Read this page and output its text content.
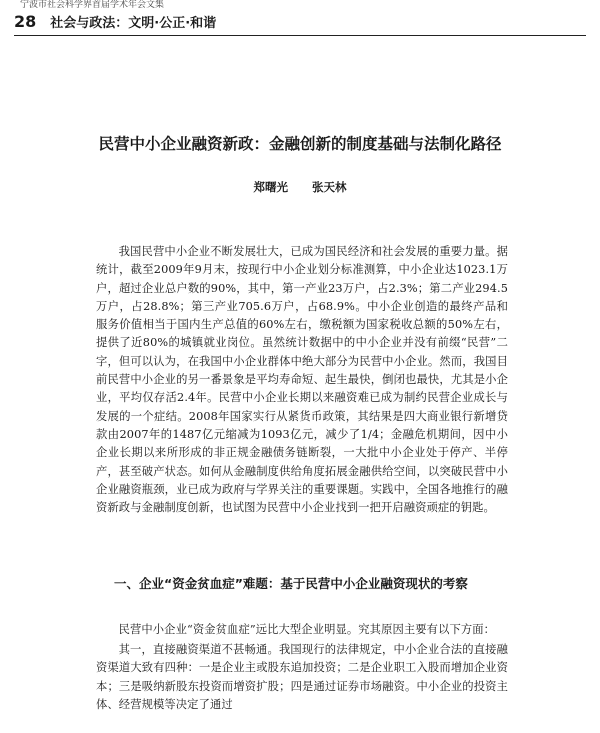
宁波市社会科学界首届学术年会文集
28 社会与政法：文明·公正·和谐
民营中小企业融资新政：金融创新的制度基础与法制化路径
郑曙光 张天林

我国民营中小企业不断发展壮大，已成为国民经济和社会发展的重要力量。据统计，截至2009年9月末，按现行中小企业划分标准测算，中小企业达1023.1万户，超过企业总户数的90%，其中，第一产业23万户，占2.3%；第二产业294.5万户，占28.8%；第三产业705.6万户，占68.9%。中小企业创造的最终产品和服务价值相当于国内生产总值的60%左右，缴税额为国家税收总额的50%左右，提供了近80%的城镇就业岗位。虽然统计数据中的中小企业并没有前缀“民营”二字，但可以认为，在我国中小企业群体中绝大部分为民营中小企业。然而，我国目前民营中小企业的另一番景象是平均寿命短、起生最快，倒闭也最快，尤其是小企业，平均仅存活2.4年。民营中小企业长期以来融资难已成为制约民营企业成长与发展的一个症结。2008年国家实行从紧货币政策，其结果是四大商业银行新增贷款由2007年的1487亿元缩减为1093亿元，减少了1/4；金融危机期间，因中小企业长期以来所形成的非正规金融债务链断裂，一大批中小企业处于停产、半停产，甚至破产状态。如何从金融制度供给角度拓展金融供给空间，以突破民营中小企业融资瓶颈，业已成为政府与学界关注的重要课题。实践中，全国各地推行的融资新政与金融制度创新，也试图为民营中小企业找到一把开启融资顽症的钥匙。

一、企业“资金贫血症”难题：基于民营中小企业融资现状的考察

民营中小企业“资金贫血症”远比大型企业明显。究其原因主要有以下方面：

其一，直接融资渠道不甚畅通。我国现行的法律规定，中小企业合法的直接融资渠道大致有四种：一是企业主或股东追加投资；二是企业职工入股而增加企业资本；三是吸纳新股东投资而增资扩股；四是通过证券市场融资。中小企业的投资主体、经营规模等决定了通过
